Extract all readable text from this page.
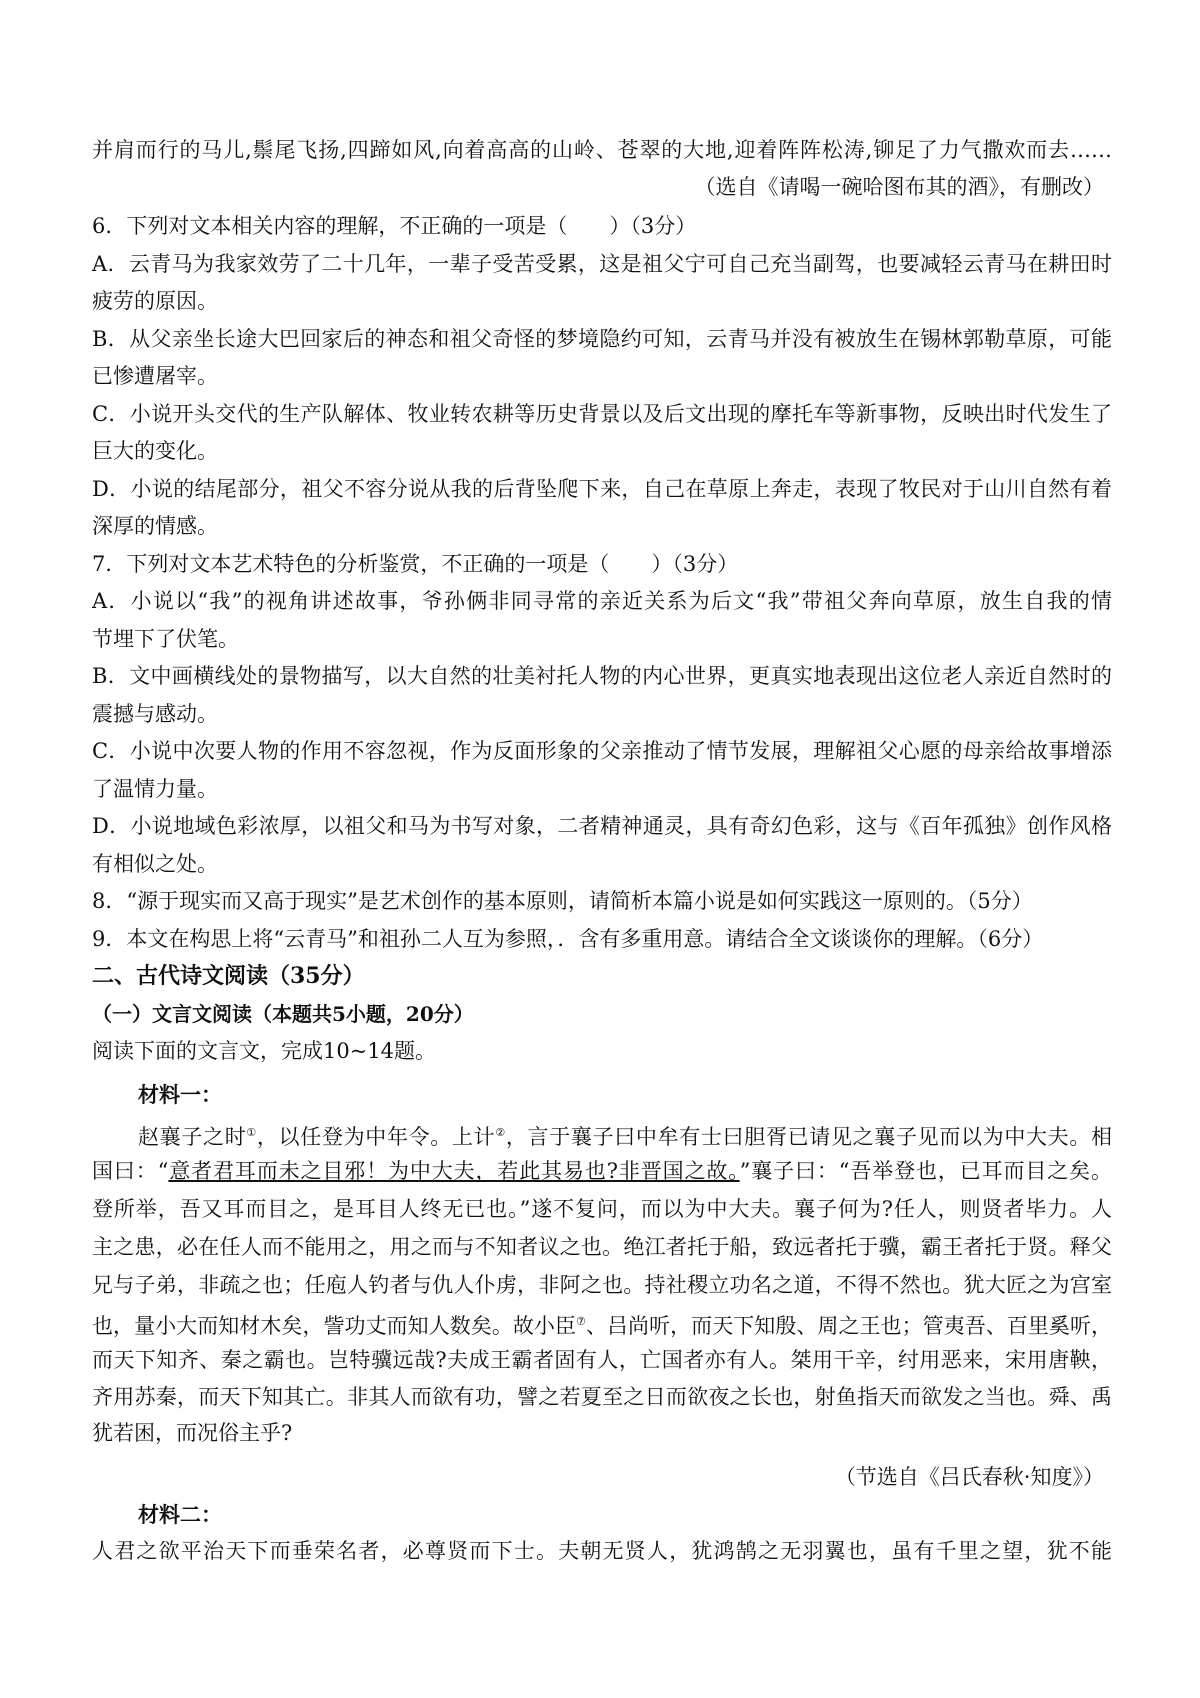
并肩而行的马儿,鬃尾飞扬,四蹄如风,向着高高的山岭、苍翠的大地,迎着阵阵松涛,铆足了力气撒欢而去……
（选自《请喝一碗哈图布其的酒》，有删改）
6．下列对文本相关内容的理解，不正确的一项是（　　）（3分）
A．云青马为我家效劳了二十几年，一辈子受苦受累，这是祖父宁可自己充当副驾，也要减轻云青马在耕田时
疲劳的原因。
B．从父亲坐长途大巴回家后的神态和祖父奇怪的梦境隐约可知，云青马并没有被放生在锡林郭勒草原，可能
已惨遭屠宰。
C．小说开头交代的生产队解体、牧业转农耕等历史背景以及后文出现的摩托车等新事物，反映出时代发生了
巨大的变化。
D．小说的结尾部分，祖父不容分说从我的后背坠爬下来，自己在草原上奔走，表现了牧民对于山川自然有着
深厚的情感。
7．下列对文本艺术特色的分析鉴赏，不正确的一项是（　　）（3分）
A．小说以“我”的视角讲述故事，爷孙俩非同寻常的亲近关系为后文“我”带祖父奔向草原，放生自我的情
节埋下了伏笔。
B．文中画横线处的景物描写，以大自然的壮美衬托人物的内心世界，更真实地表现出这位老人亲近自然时的
震撼与感动。
C．小说中次要人物的作用不容忽视，作为反面形象的父亲推动了情节发展，理解祖父心愿的母亲给故事增添
了温情力量。
D．小说地域色彩浓厚，以祖父和马为书写对象，二者精神通灵，具有奇幻色彩，这与《百年孤独》创作风格
有相似之处。
8．“源于现实而又高于现实”是艺术创作的基本原则，请简析本篇小说是如何实践这一原则的。（5分）
9．本文在构思上将“云青马”和祖孙二人互为参照，．含有多重用意。请结合全文谈谈你的理解。（6分）
二、古代诗文阅读（35分）
（一）文言文阅读（本题共5小题，20分）
阅读下面的文言文，完成10~14题。
材料一：
赵襄子之时①，以任登为中年令。上计②，言于襄子曰中牟有士曰胆胥已请见之襄子见而以为中大夫。相
国曰：“意者君耳而未之目邪！为中大夫，若此其易也?非晋国之故。”襄子曰：“吾举登也，已耳而目之矣。
登所举，吾又耳而目之，是耳目人终无已也。”遂不复问，而以为中大夫。襄子何为?任人，则贤者毕力。人
主之患，必在任人而不能用之，用之而与不知者议之也。绝江者托于船，致远者托于骥，霸王者托于贤。释父
兄与子弟，非疏之也；任庖人钓者与仇人仆虏，非阿之也。持社稷立功名之道，不得不然也。犹大匠之为宫室
也，量小大而知材木矣，訾功丈而知人数矣。故小臣⑦、吕尚听，而天下知殷、周之王也；管夷吾、百里奚听，
而天下知齐、秦之霸也。岂特骥远哉?夫成王霸者固有人，亡国者亦有人。桀用干辛，纣用恶来，宋用唐鞅，
齐用苏秦，而天下知其亡。非其人而欲有功，譬之若夏至之日而欲夜之长也，射鱼指天而欲发之当也。舜、禹
犹若困，而况俗主乎?
（节选自《吕氏春秋·知度》）
材料二：
人君之欲平治天下而垂荣名者，必尊贤而下士。夫朝无贤人，犹鸿鹄之无羽翼也，虽有千里之望，犹不能
